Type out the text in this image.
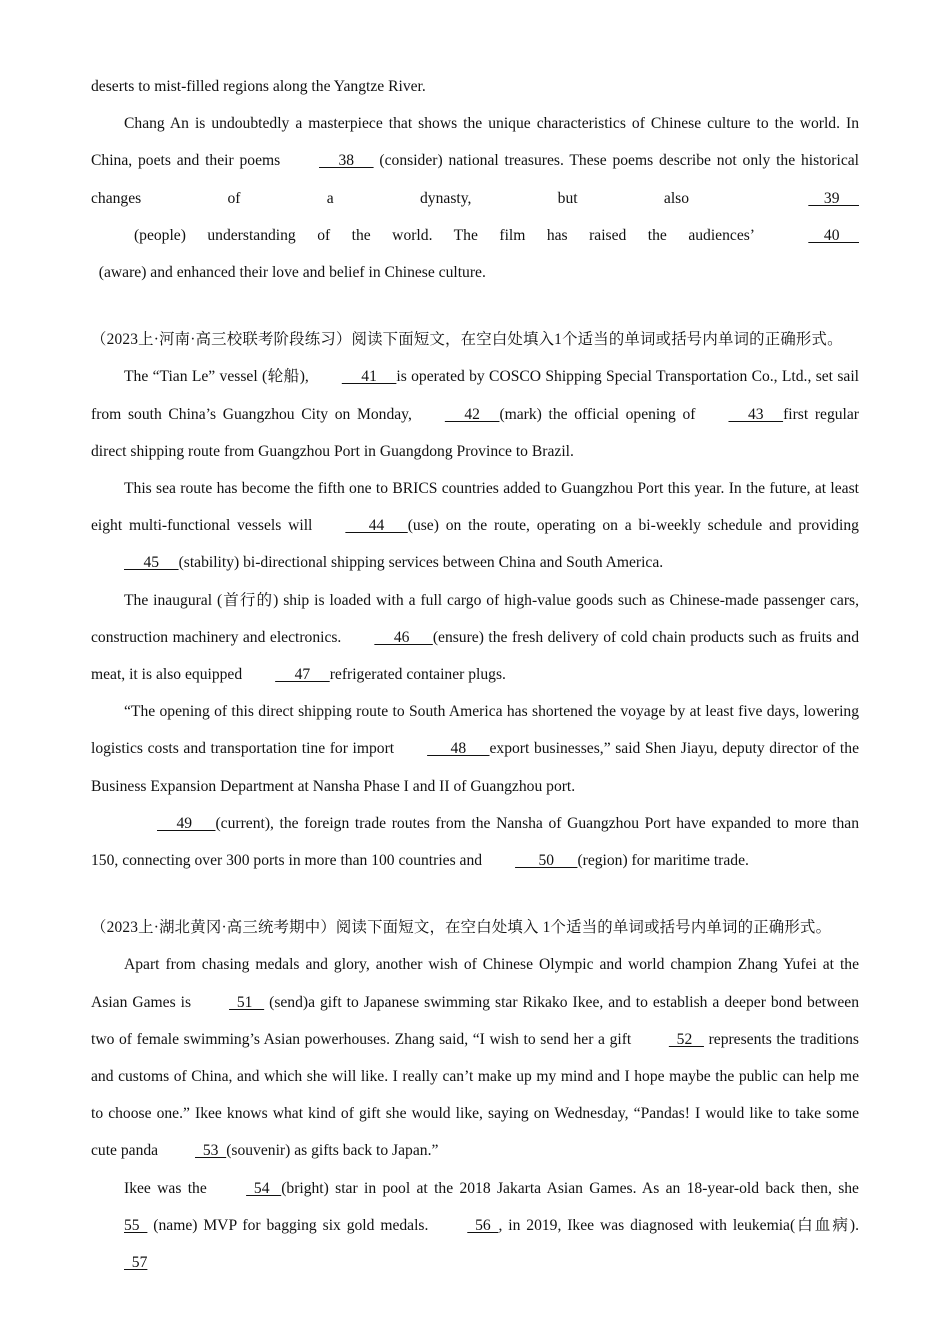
deserts to mist-filled regions along the Yangtze River.

Chang An is undoubtedly a masterpiece that shows the unique characteristics of Chinese culture to the world. In China, poets and their poems      38      (consider) national treasures. These poems describe not only the historical changes of a dynasty, but also     39       (people) understanding of the world. The film has raised the audiences’     40       (aware) and enhanced their love and belief in Chinese culture.

（2023上·河南·高三校联考阶段练习）阅读下面短文，在空白处填入1个适当的单词或括号内单词的正确形式。

The “Tian Le” vessel (轮船),     41     is operated by COSCO Shipping Special Transportation Co., Ltd., set sail from south China’s Guangzhou City on Monday,     42     (mark) the official opening of     43     first regular direct shipping route from Guangzhou Port in Guangdong Province to Brazil.

This sea route has become the fifth one to BRICS countries added to Guangzhou Port this year. In the future, at least eight multi-functional vessels will      44      (use) on the route, operating on a bi-weekly schedule and providing      45     (stability) bi-directional shipping services between China and South America.

The inaugural (首行的) ship is loaded with a full cargo of high-value goods such as Chinese-made passenger cars, construction machinery and electronics.     46      (ensure) the fresh delivery of cold chain products such as fruits and meat, it is also equipped     47     refrigerated container plugs.

“The opening of this direct shipping route to South America has shortened the voyage by at least five days, lowering logistics costs and transportation tine for import      48      export businesses,” said Shen Jiayu, deputy director of the Business Expansion Department at Nansha Phase I and II of Guangzhou port.

49      (current), the foreign trade routes from the Nansha of Guangzhou Port have expanded to more than 150, connecting over 300 ports in more than 100 countries and      50      (region) for maritime trade.

（2023上·湖北黄冈·高三统考期中）阅读下面短文，在空白处填入 1个适当的单词或括号内单词的正确形式。

Apart from chasing medals and glory, another wish of Chinese Olympic and world champion Zhang Yufei at the Asian Games is   51    (send)a gift to Japanese swimming star Rikako Ikee, and to establish a deeper bond between two of female swimming’s Asian powerhouses. Zhang said, “I wish to send her a gift   52    represents the traditions and customs of China, and which she will like. I really can’t make up my mind and I hope maybe the public can help me to choose one.” Ikee knows what kind of gift she would like, saying on Wednesday, “Pandas! I would like to take some cute panda   53  (souvenir) as gifts back to Japan.”

Ikee was the   54   (bright) star in pool at the 2018 Jakarta Asian Games. As an 18-year-old back then, she 55   (name) MVP for bagging six gold medals.   56  , in 2019, Ikee was diagnosed with leukemia(白血病).   57
